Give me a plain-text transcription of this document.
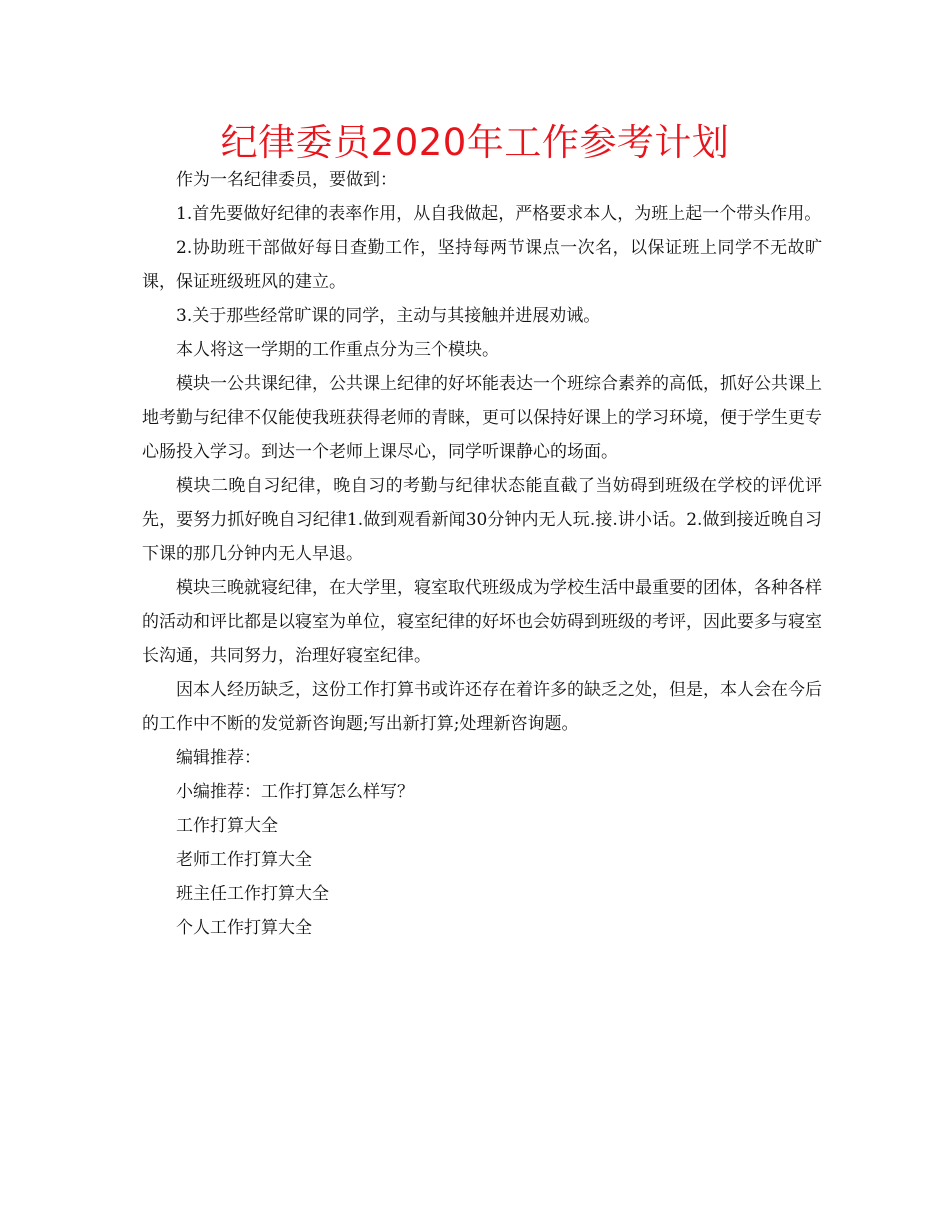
纪律委员2020年工作参考计划

作为一名纪律委员，要做到：

1.首先要做好纪律的表率作用，从自我做起，严格要求本人，为班上起一个带头作用。

2.协助班干部做好每日查勤工作，坚持每两节课点一次名，以保证班上同学不无故旷课，保证班级班风的建立。

3.关于那些经常旷课的同学，主动与其接触并进展劝诫。

本人将这一学期的工作重点分为三个模块。

模块一公共课纪律，公共课上纪律的好坏能表达一个班综合素养的高低，抓好公共课上地考勤与纪律不仅能使我班获得老师的青睐，更可以保持好课上的学习环境，便于学生更专心肠投入学习。到达一个老师上课尽心，同学听课静心的场面。

模块二晚自习纪律，晚自习的考勤与纪律状态能直截了当妨碍到班级在学校的评优评先，要努力抓好晚自习纪律1.做到观看新闻30分钟内无人玩.接.讲小话。2.做到接近晚自习下课的那几分钟内无人早退。

模块三晚就寝纪律，在大学里，寝室取代班级成为学校生活中最重要的团体，各种各样的活动和评比都是以寝室为单位，寝室纪律的好坏也会妨碍到班级的考评，因此要多与寝室长沟通，共同努力，治理好寝室纪律。

因本人经历缺乏，这份工作打算书或许还存在着许多的缺乏之处，但是，本人会在今后的工作中不断的发觉新咨询题;写出新打算;处理新咨询题。

编辑推荐：

小编推荐：工作打算怎么样写？

工作打算大全

老师工作打算大全

班主任工作打算大全

个人工作打算大全
